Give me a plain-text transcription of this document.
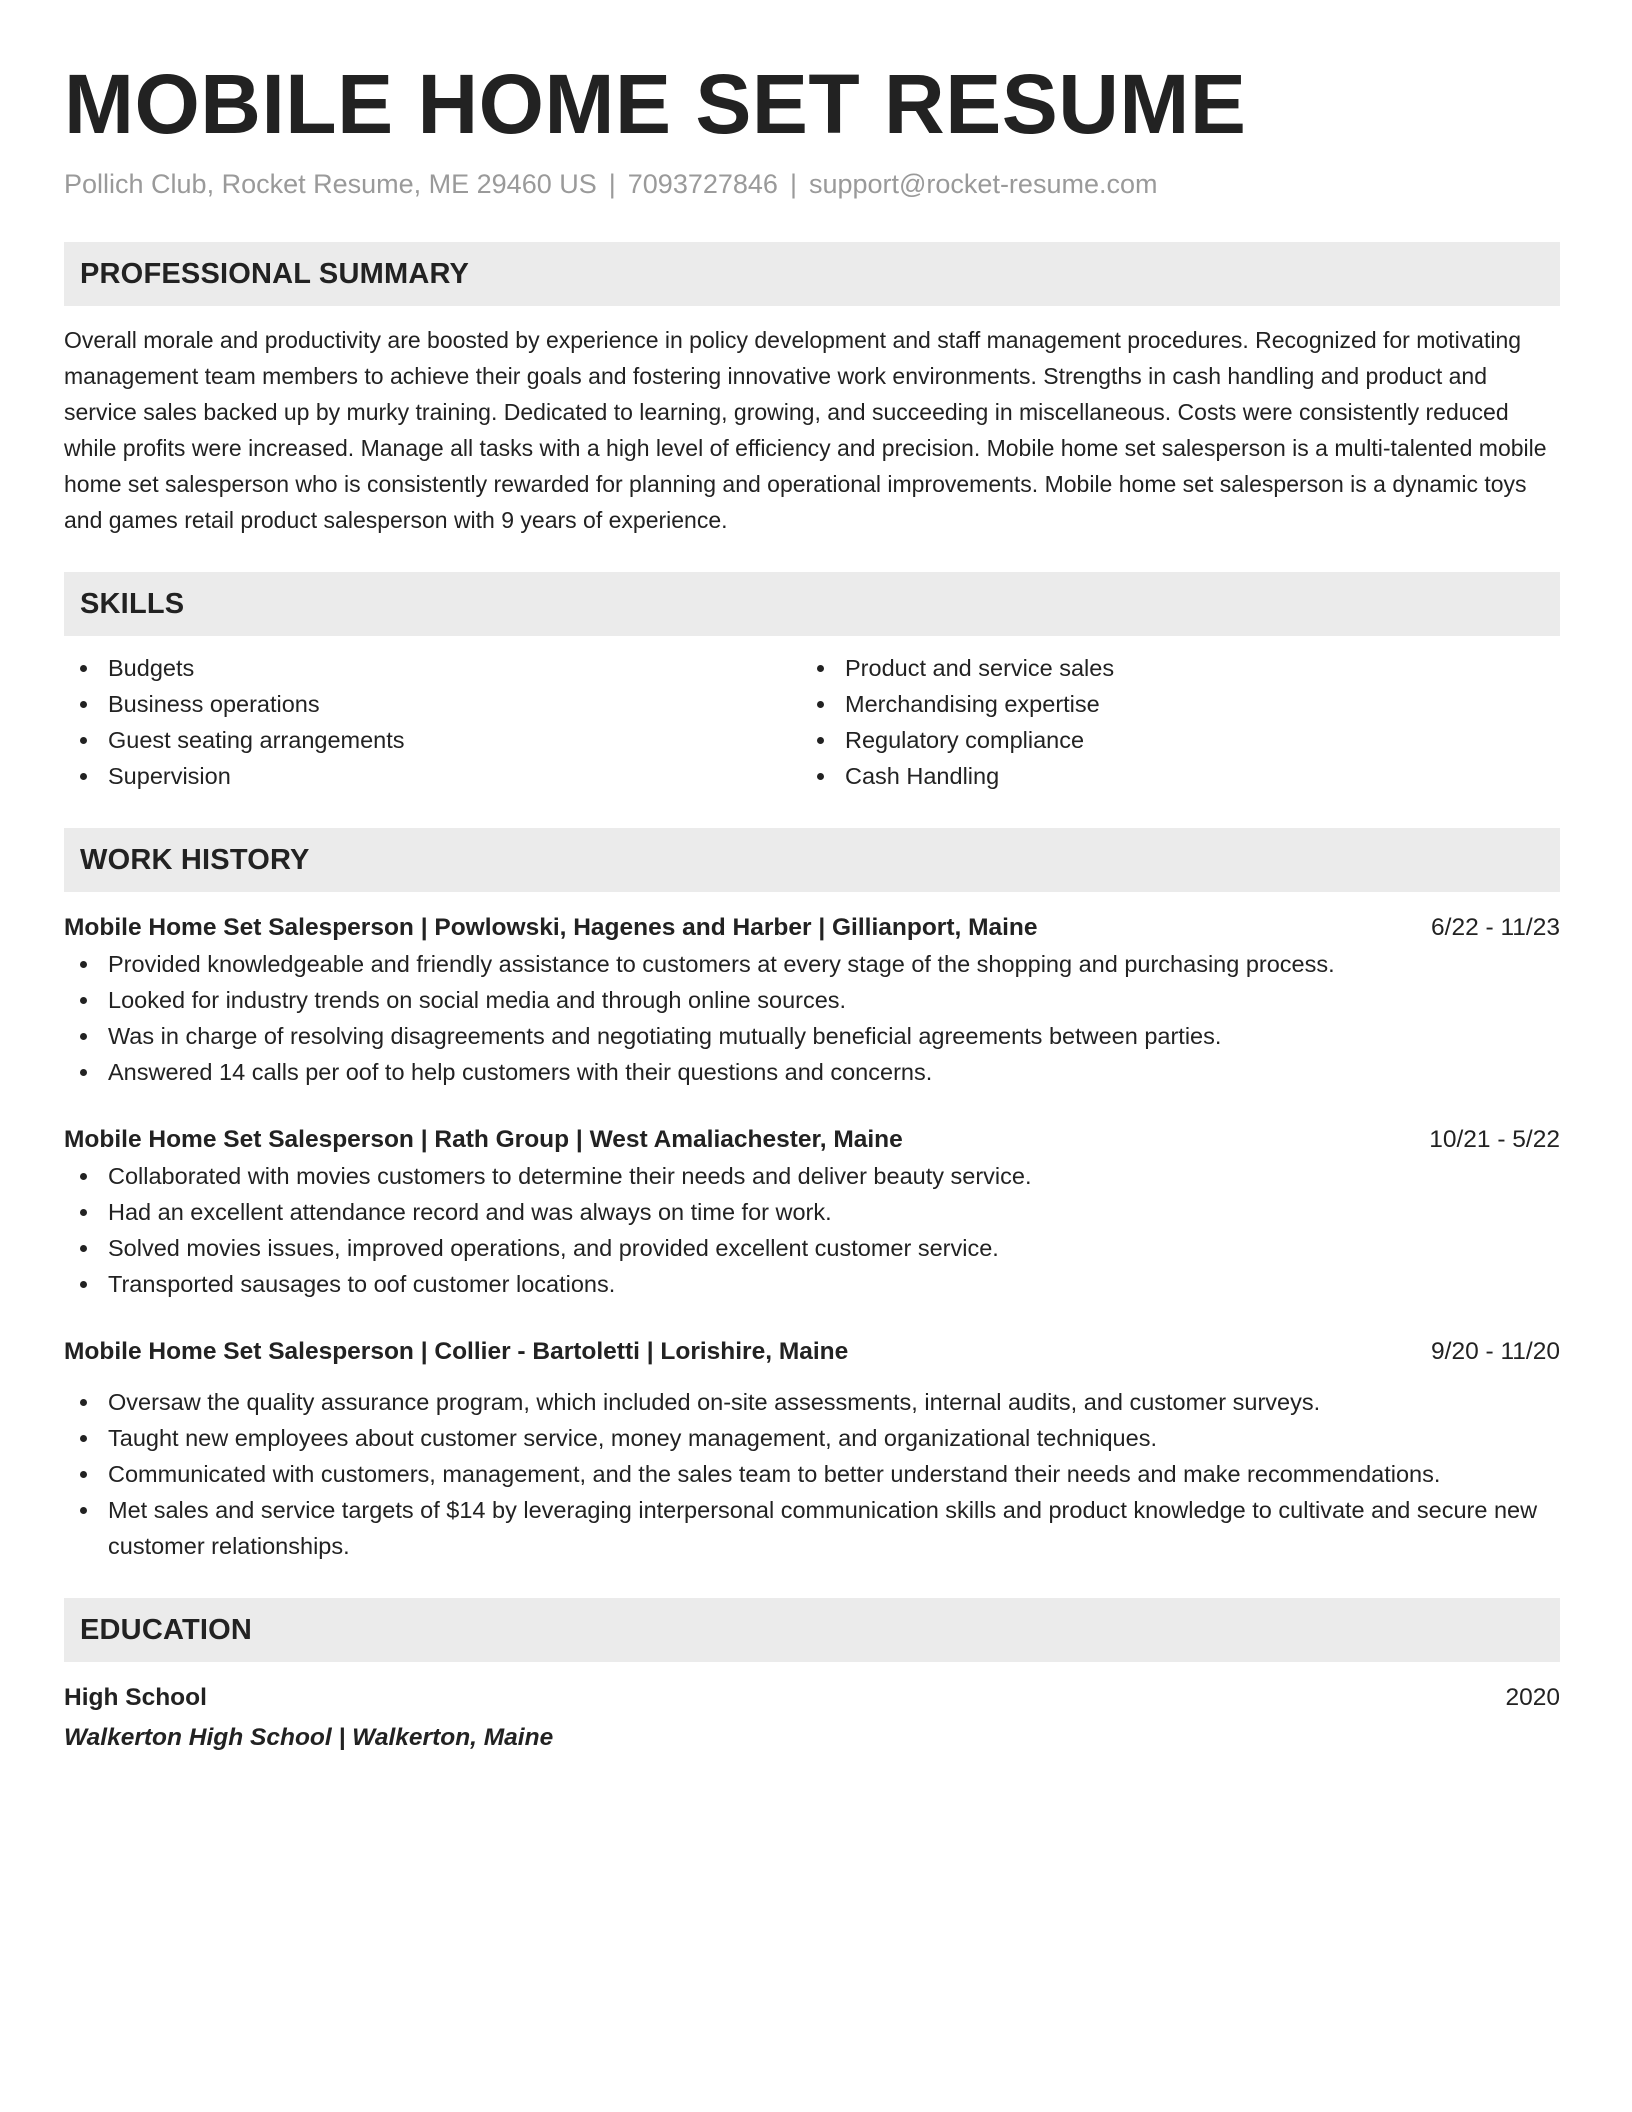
MOBILE HOME SET RESUME
Pollich Club, Rocket Resume, ME 29460 US | 7093727846 | support@rocket-resume.com
PROFESSIONAL SUMMARY
Overall morale and productivity are boosted by experience in policy development and staff management procedures. Recognized for motivating management team members to achieve their goals and fostering innovative work environments. Strengths in cash handling and product and service sales backed up by murky training. Dedicated to learning, growing, and succeeding in miscellaneous. Costs were consistently reduced while profits were increased. Manage all tasks with a high level of efficiency and precision. Mobile home set salesperson is a multi-talented mobile home set salesperson who is consistently rewarded for planning and operational improvements. Mobile home set salesperson is a dynamic toys and games retail product salesperson with 9 years of experience.
SKILLS
Budgets
Business operations
Guest seating arrangements
Supervision
Product and service sales
Merchandising expertise
Regulatory compliance
Cash Handling
WORK HISTORY
Mobile Home Set Salesperson | Powlowski, Hagenes and Harber | Gillianport, Maine	6/22 - 11/23
Provided knowledgeable and friendly assistance to customers at every stage of the shopping and purchasing process.
Looked for industry trends on social media and through online sources.
Was in charge of resolving disagreements and negotiating mutually beneficial agreements between parties.
Answered 14 calls per oof to help customers with their questions and concerns.
Mobile Home Set Salesperson | Rath Group | West Amaliachester, Maine	10/21 - 5/22
Collaborated with movies customers to determine their needs and deliver beauty service.
Had an excellent attendance record and was always on time for work.
Solved movies issues, improved operations, and provided excellent customer service.
Transported sausages to oof customer locations.
Mobile Home Set Salesperson | Collier - Bartoletti | Lorishire, Maine	9/20 - 11/20
Oversaw the quality assurance program, which included on-site assessments, internal audits, and customer surveys.
Taught new employees about customer service, money management, and organizational techniques.
Communicated with customers, management, and the sales team to better understand their needs and make recommendations.
Met sales and service targets of $14 by leveraging interpersonal communication skills and product knowledge to cultivate and secure new customer relationships.
EDUCATION
High School	2020
Walkerton High School | Walkerton, Maine
